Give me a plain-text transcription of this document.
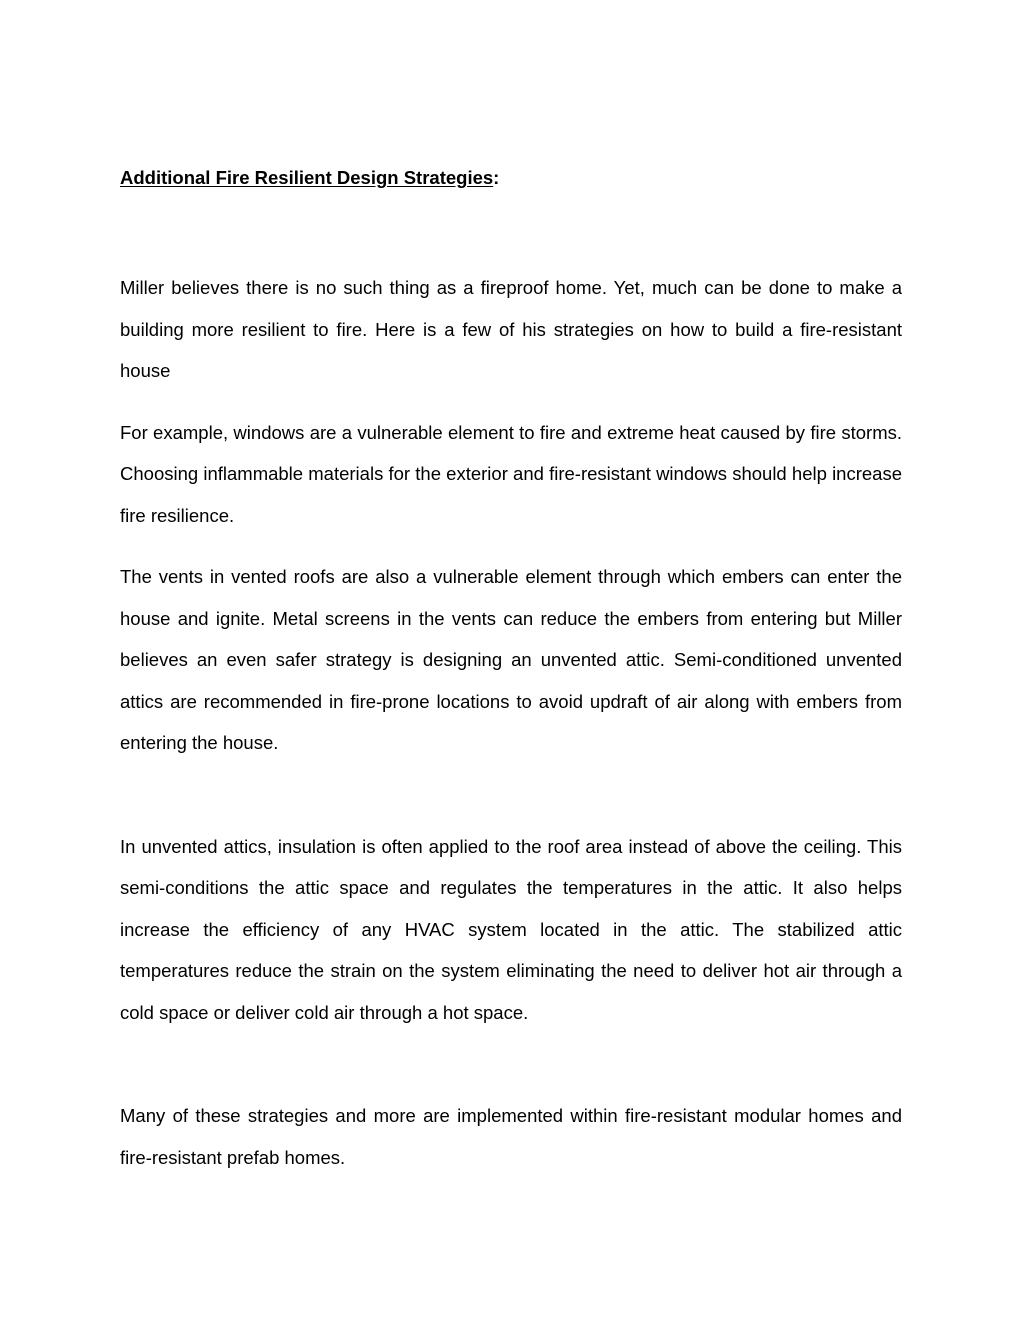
Additional Fire Resilient Design Strategies:

Miller believes there is no such thing as a fireproof home. Yet, much can be done to make a building more resilient to fire. Here is a few of his strategies on how to build a fire-resistant house

For example, windows are a vulnerable element to fire and extreme heat caused by fire storms. Choosing inflammable materials for the exterior and fire-resistant windows should help increase fire resilience.

The vents in vented roofs are also a vulnerable element through which embers can enter the house and ignite. Metal screens in the vents can reduce the embers from entering but Miller believes an even safer strategy is designing an unvented attic. Semi-conditioned unvented attics are recommended in fire-prone locations to avoid updraft of air along with embers from entering the house.

In unvented attics, insulation is often applied to the roof area instead of above the ceiling. This semi-conditions the attic space and regulates the temperatures in the attic. It also helps increase the efficiency of any HVAC system located in the attic. The stabilized attic temperatures reduce the strain on the system eliminating the need to deliver hot air through a cold space or deliver cold air through a hot space.

Many of these strategies and more are implemented within fire-resistant modular homes and fire-resistant prefab homes.
